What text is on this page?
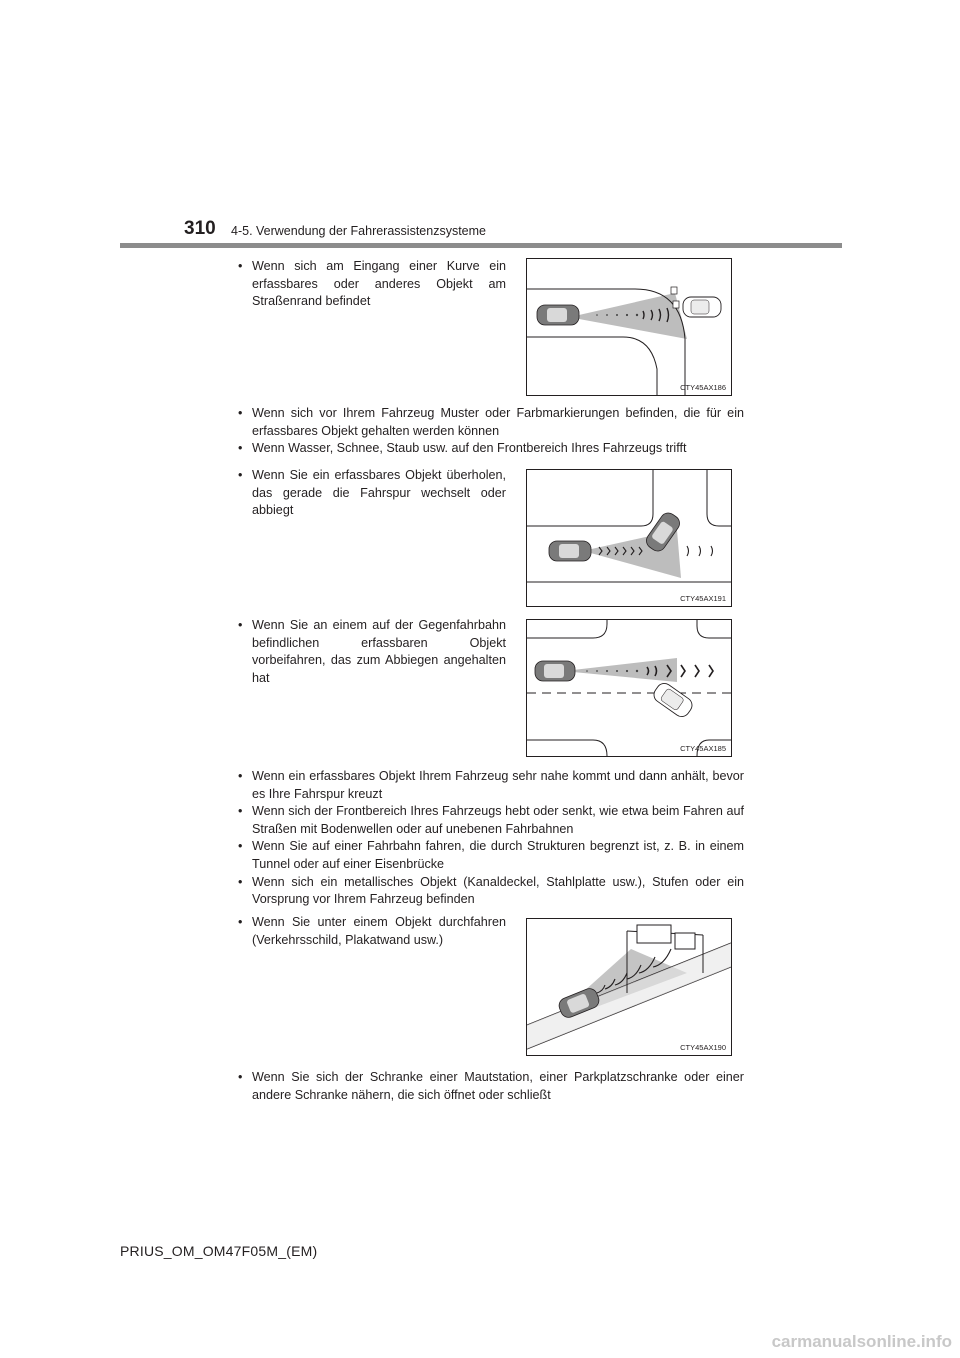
310 4-5. Verwendung der Fahrerassistenzsysteme

• Wenn sich am Eingang einer Kurve ein erfassbares oder anderes Objekt am Straßenrand befindet

CTY45AX186

• Wenn sich vor Ihrem Fahrzeug Muster oder Farbmarkierungen befinden, die für ein erfassbares Objekt gehalten werden können

• Wenn Wasser, Schnee, Staub usw. auf den Frontbereich Ihres Fahrzeugs trifft

• Wenn Sie ein erfassbares Objekt überholen, das gerade die Fahrspur wechselt oder abbiegt

CTY45AX191

• Wenn Sie an einem auf der Gegenfahrbahn befindlichen erfassbaren Objekt vorbeifahren, das zum Abbiegen angehalten hat

CTY45AX185

• Wenn ein erfassbares Objekt Ihrem Fahrzeug sehr nahe kommt und dann anhält, bevor es Ihre Fahrspur kreuzt

• Wenn sich der Frontbereich Ihres Fahrzeugs hebt oder senkt, wie etwa beim Fahren auf Straßen mit Bodenwellen oder auf unebenen Fahrbahnen

• Wenn Sie auf einer Fahrbahn fahren, die durch Strukturen begrenzt ist, z. B. in einem Tunnel oder auf einer Eisenbrücke

• Wenn sich ein metallisches Objekt (Kanaldeckel, Stahlplatte usw.), Stufen oder ein Vorsprung vor Ihrem Fahrzeug befinden

• Wenn Sie unter einem Objekt durchfahren (Verkehrsschild, Plakatwand usw.)

CTY45AX190

• Wenn Sie sich der Schranke einer Mautstation, einer Parkplatzschranke oder einer andere Schranke nähern, die sich öffnet oder schließt

PRIUS_OM_OM47F05M_(EM)
carmanualsonline.info
